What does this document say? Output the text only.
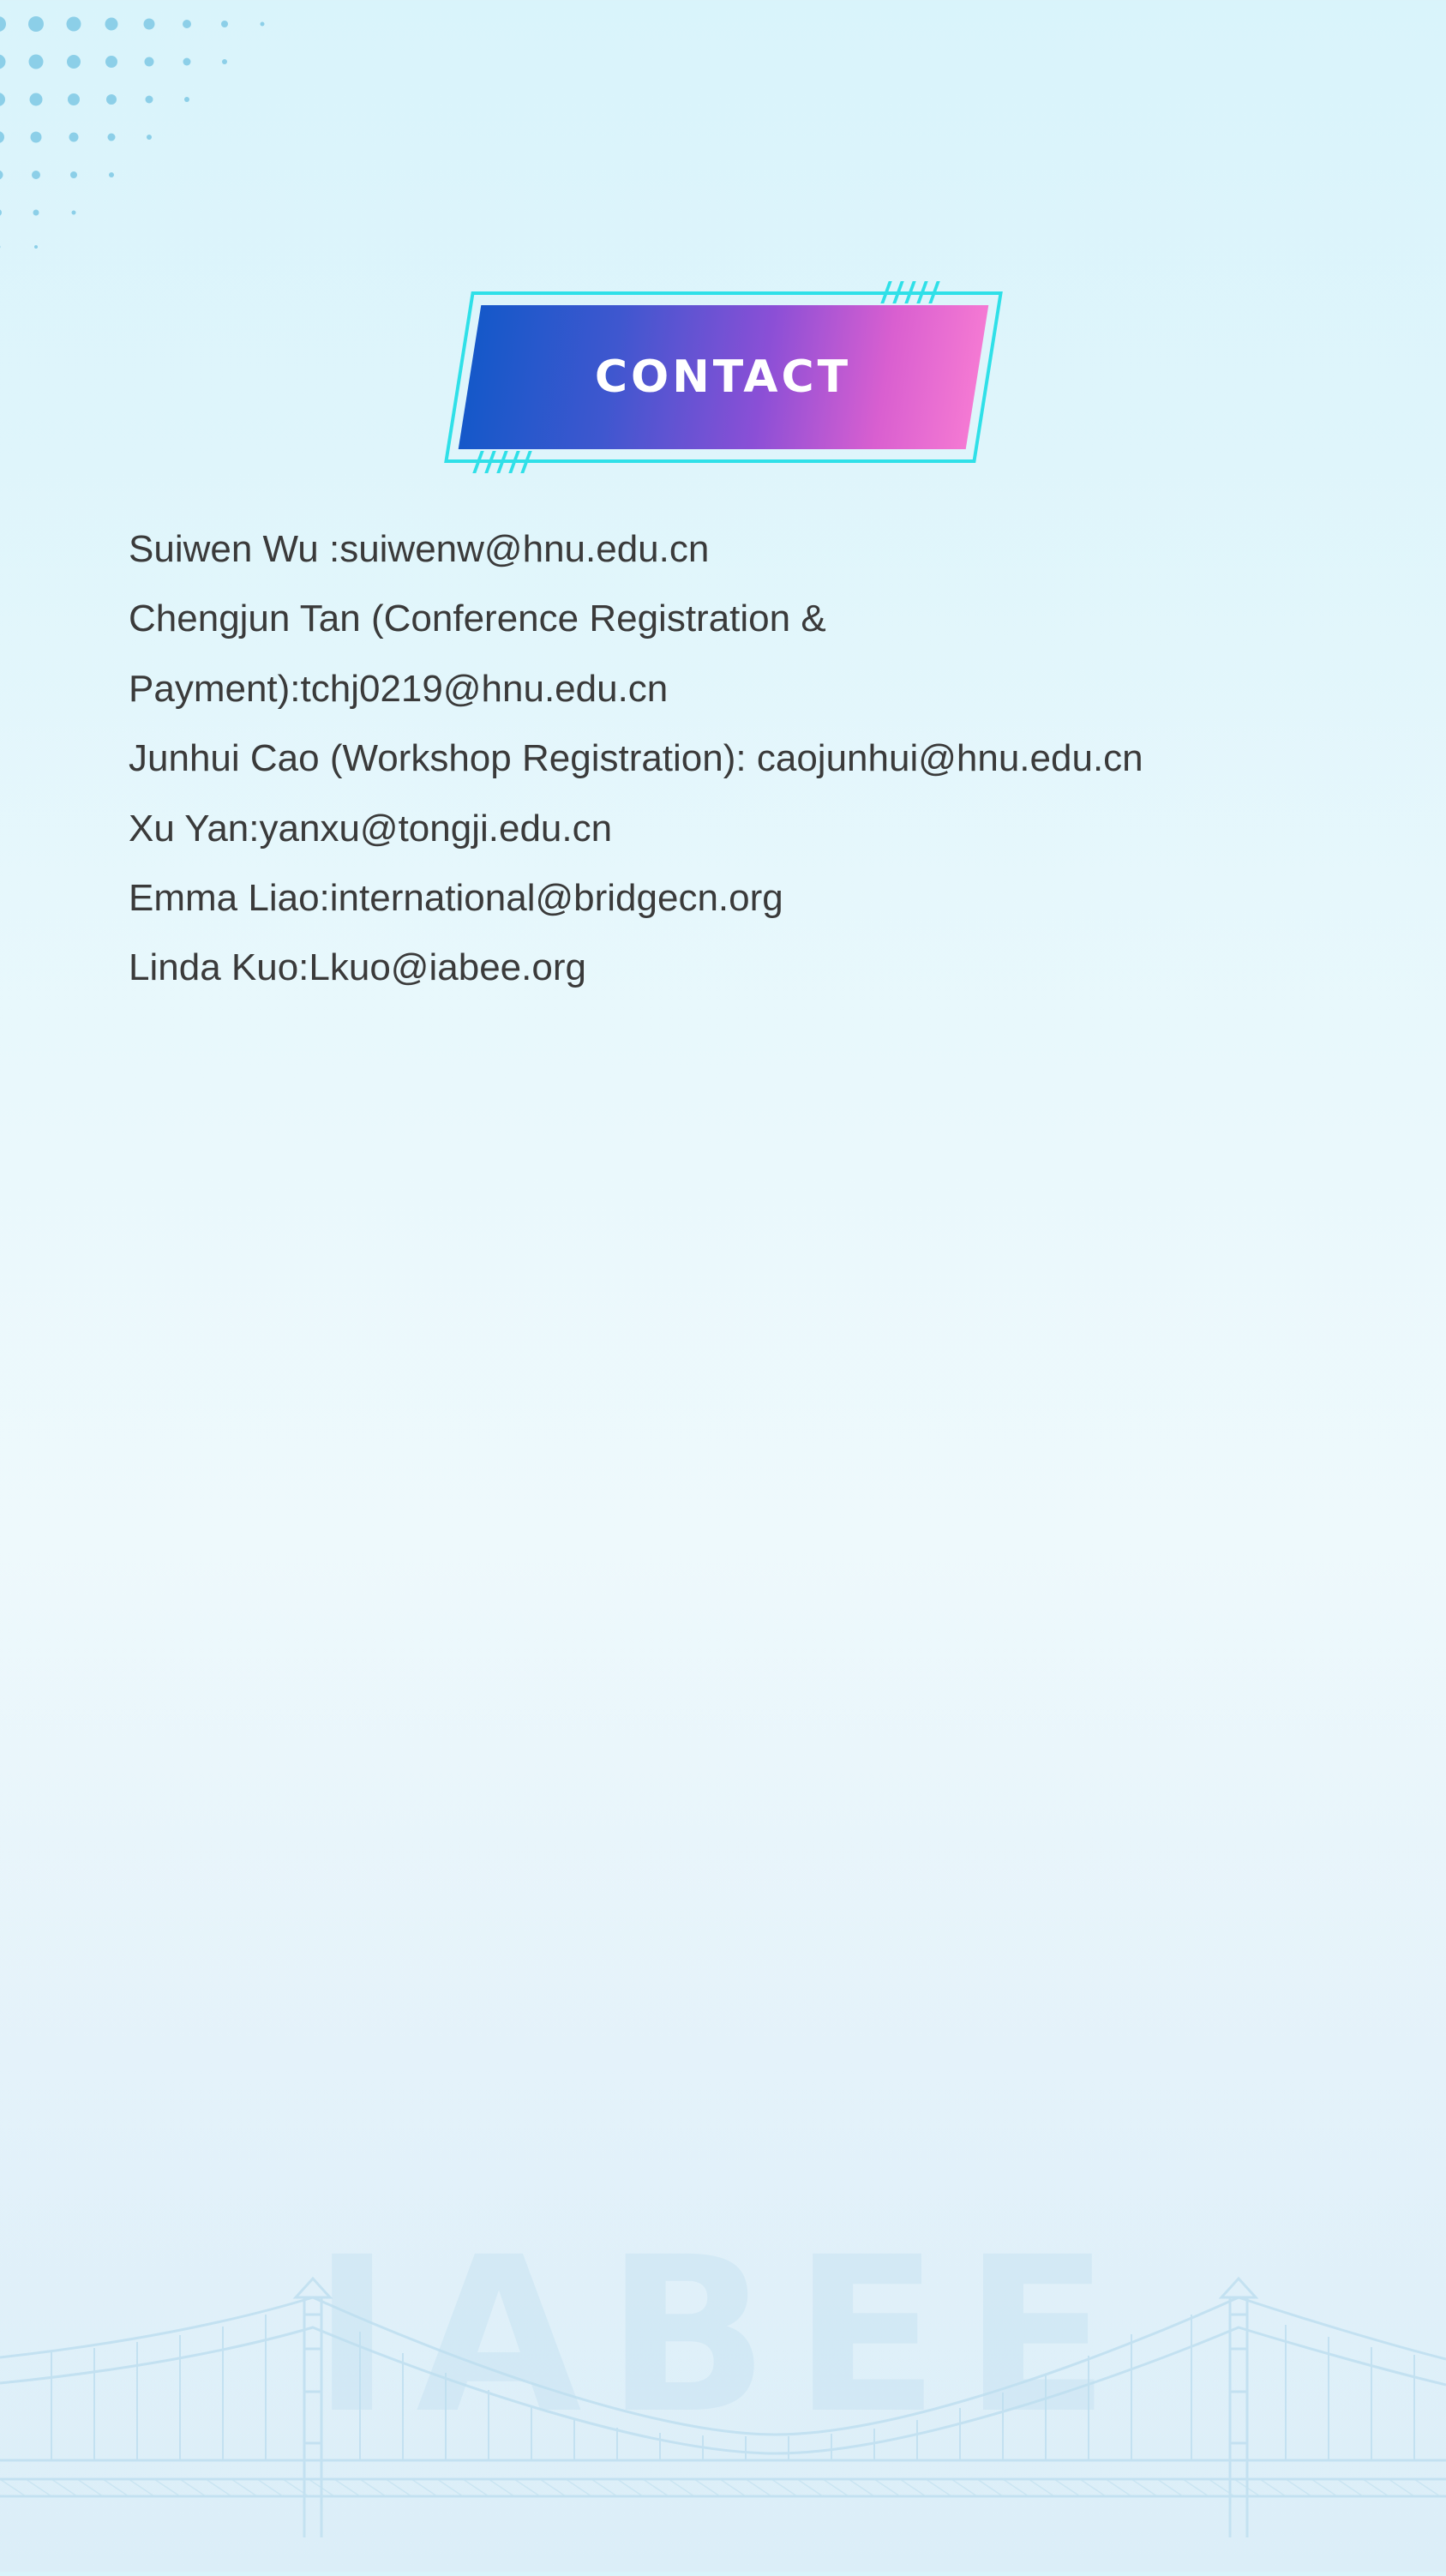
CONTACT
Suiwen Wu :suiwenw@hnu.edu.cn
Chengjun Tan (Conference Registration & Payment):tchj0219@hnu.edu.cn
Junhui Cao (Workshop Registration): caojunhui@hnu.edu.cn
Xu Yan:yanxu@tongji.edu.cn
Emma Liao:international@bridgecn.org
Linda Kuo:Lkuo@iabee.org
IABEE
